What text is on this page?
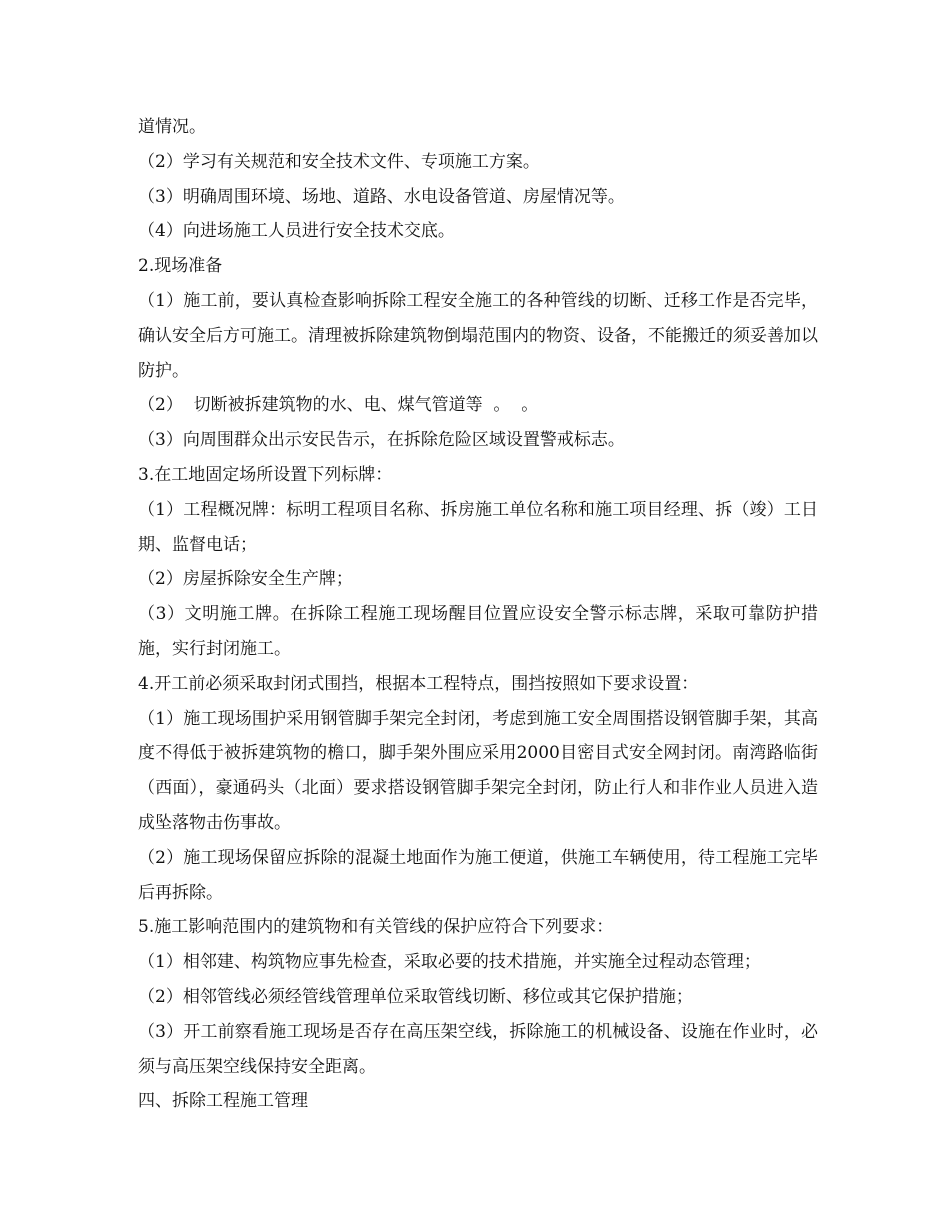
道情况。

（2）学习有关规范和安全技术文件、专项施工方案。

（3）明确周围环境、场地、道路、水电设备管道、房屋情况等。

（4）向进场施工人员进行安全技术交底。

2.现场准备

（1）施工前，要认真检查影响拆除工程安全施工的各种管线的切断、迁移工作是否完毕，确认安全后方可施工。清理被拆除建筑物倒塌范围内的物资、设备，不能搬迁的须妥善加以防护。

（2）  切断被拆建筑物的水、电、煤气管道等  。  。

（3）向周围群众出示安民告示，在拆除危险区域设置警戒标志。

3.在工地固定场所设置下列标牌：

（1）工程概况牌：标明工程项目名称、拆房施工单位名称和施工项目经理、拆（竣）工日期、监督电话；

（2）房屋拆除安全生产牌；

（3）文明施工牌。在拆除工程施工现场醒目位置应设安全警示标志牌，采取可靠防护措施，实行封闭施工。

4.开工前必须采取封闭式围挡，根据本工程特点，围挡按照如下要求设置：

（1）施工现场围护采用钢管脚手架完全封闭，考虑到施工安全周围搭设钢管脚手架，其高度不得低于被拆建筑物的檐口，脚手架外围应采用2000目密目式安全网封闭。南湾路临街（西面），豪通码头（北面）要求搭设钢管脚手架完全封闭，防止行人和非作业人员进入造成坠落物击伤事故。

（2）施工现场保留应拆除的混凝土地面作为施工便道，供施工车辆使用，待工程施工完毕后再拆除。

5.施工影响范围内的建筑物和有关管线的保护应符合下列要求：

（1）相邻建、构筑物应事先检查，采取必要的技术措施，并实施全过程动态管理；

（2）相邻管线必须经管线管理单位采取管线切断、移位或其它保护措施；

（3）开工前察看施工现场是否存在高压架空线，拆除施工的机械设备、设施在作业时，必须与高压架空线保持安全距离。

四、拆除工程施工管理
